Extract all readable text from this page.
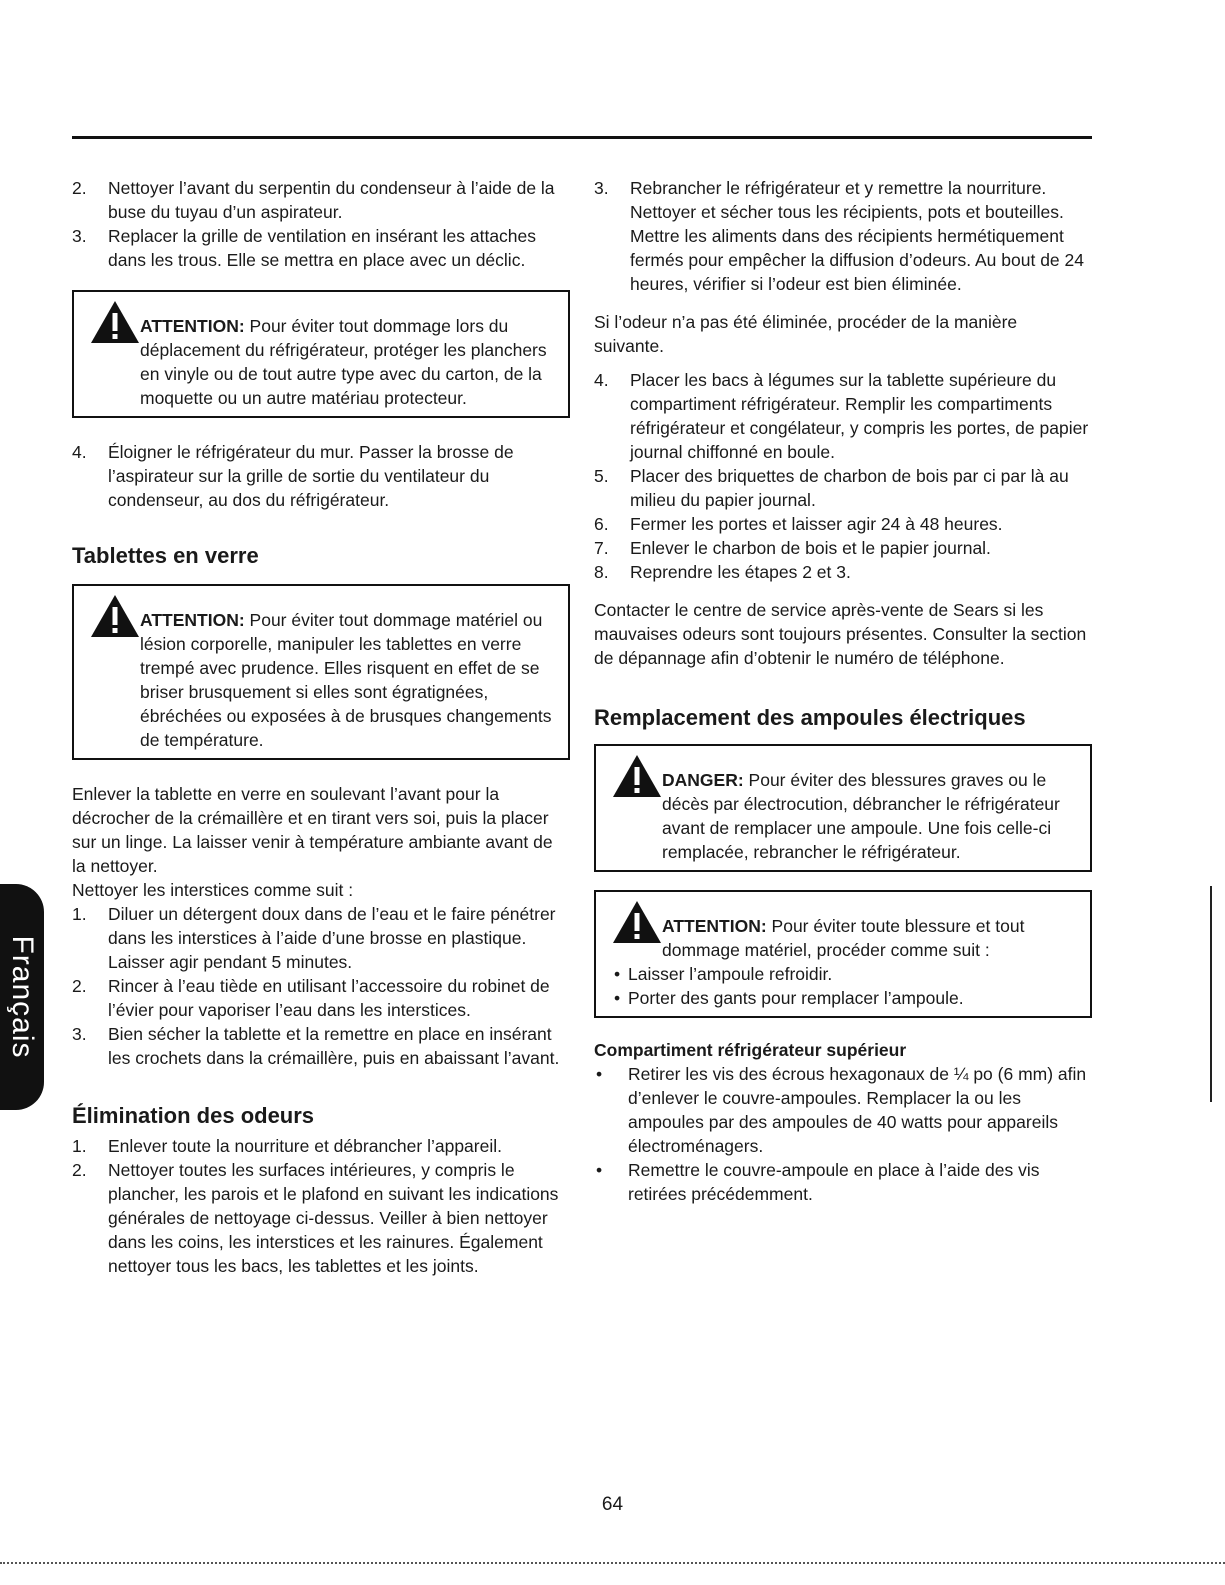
2.	Nettoyer l’avant du serpentin du condenseur à l’aide de la buse du tuyau d’un aspirateur.
3.	Replacer la grille de ventilation en insérant les attaches dans les trous. Elle se mettra en place avec un déclic.
ATTENTION: Pour éviter tout dommage lors du déplacement du réfrigérateur, protéger les planchers en vinyle ou de tout autre type avec du carton, de la moquette ou un autre matériau protecteur.
4.	Éloigner le réfrigérateur du mur. Passer la brosse de l’aspirateur sur la grille de sortie du ventilateur du condenseur, au dos du réfrigérateur.
Tablettes en verre
ATTENTION: Pour éviter tout dommage matériel ou lésion corporelle, manipuler les tablettes en verre trempé avec prudence. Elles risquent en effet de se briser brusquement si elles sont égratignées, ébréchées ou exposées à de brusques changements de température.

Enlever la tablette en verre en soulevant l’avant pour la décrocher de la crémaillère et en tirant vers soi, puis la placer sur un linge. La laisser venir à température ambiante avant de la nettoyer.

Nettoyer les interstices comme suit :

1.	Diluer un détergent doux dans de l’eau et le faire pénétrer dans les interstices à l’aide d’une brosse en plastique. Laisser agir pendant 5 minutes.
2.	Rincer à l’eau tiède en utilisant l’accessoire du robinet de l’évier pour vaporiser l’eau dans les interstices.
3.	Bien sécher la tablette et la remettre en place en insérant les crochets dans la crémaillère, puis en abaissant l’avant.
Élimination des odeurs
1.	Enlever toute la nourriture et débrancher l’appareil.
2.	Nettoyer toutes les surfaces intérieures, y compris le plancher, les parois et le plafond en suivant les indications générales de nettoyage ci-dessus. Veiller à bien nettoyer dans les coins, les interstices et les rainures. Également nettoyer tous les bacs, les tablettes et les joints.
3.	Rebrancher le réfrigérateur et y remettre la nourriture. Nettoyer et sécher tous les récipients, pots et bouteilles. Mettre les aliments dans des récipients hermétiquement fermés pour empêcher la diffusion d’odeurs. Au bout de 24 heures, vérifier si l’odeur est bien éliminée.

Si l’odeur n’a pas été éliminée, procéder de la manière suivante.

4.	Placer les bacs à légumes sur la tablette supérieure du compartiment réfrigérateur. Remplir les compartiments réfrigérateur et congélateur, y compris les portes, de papier journal chiffonné en boule.
5.	Placer des briquettes de charbon de bois par ci par là au milieu du papier journal.
6.	Fermer les portes et laisser agir 24 à 48 heures.
7.	Enlever le charbon de bois et le papier journal.
8.	Reprendre les étapes 2 et 3.

Contacter le centre de service après-vente de Sears si les mauvaises odeurs sont toujours présentes. Consulter la section de dépannage afin d’obtenir le numéro de téléphone.

Remplacement des ampoules électriques
DANGER: Pour éviter des blessures graves ou le décès par électrocution, débrancher le réfrigérateur avant de remplacer une ampoule. Une fois celle-ci remplacée, rebrancher le réfrigérateur.
ATTENTION: Pour éviter toute blessure et tout dommage matériel, procéder comme suit :
• Laisser l’ampoule refroidir.
• Porter des gants pour remplacer l’ampoule.
Compartiment réfrigérateur supérieur
• Retirer les vis des écrous hexagonaux de ¼ po (6 mm) afin d’enlever le couvre-ampoules. Remplacer la ou les ampoules par des ampoules de 40 watts pour appareils électroménagers.
• Remettre le couvre-ampoule en place à l’aide des vis retirées précédemment.
Français
64
